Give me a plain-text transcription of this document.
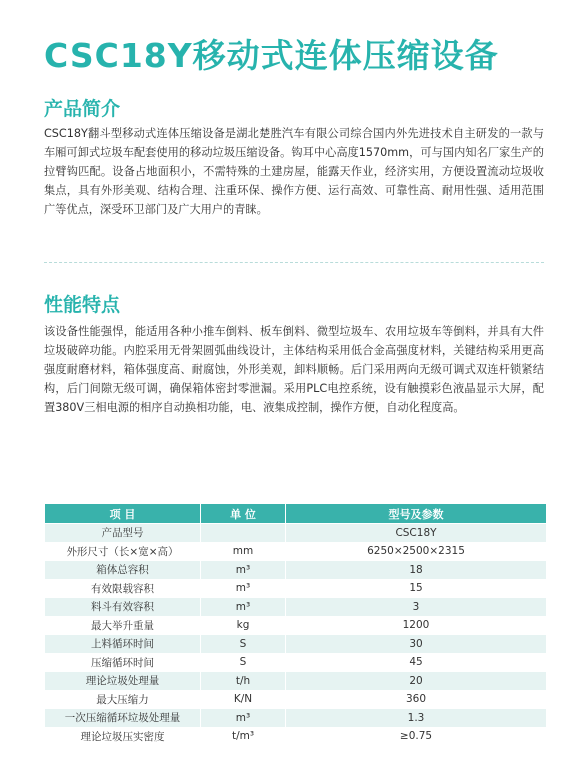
CSC18Y移动式连体压缩设备
产品简介

CSC18Y翻斗型移动式连体压缩设备是湖北楚胜汽车有限公司综合国内外先进技术自主研发的一款与车厢可卸式垃圾车配套使用的移动垃圾压缩设备。钩耳中心高度1570mm，可与国内知名厂家生产的拉臂钩匹配。设备占地面积小，不需特殊的土建房屋，能露天作业，经济实用，方便设置流动垃圾收集点，具有外形美观、结构合理、注重环保、操作方便、运行高效、可靠性高、耐用性强、适用范围广等优点，深受环卫部门及广大用户的青睐。

性能特点

该设备性能强悍，能适用各种小推车倒料、板车倒料、微型垃圾车、农用垃圾车等倒料，并具有大件垃圾破碎功能。内腔采用无骨架圆弧曲线设计，主体结构采用低合金高强度材料，关键结构采用更高强度耐磨材料，箱体强度高、耐腐蚀，外形美观，卸料顺畅。后门采用两向无级可调式双连杆锁紧结构，后门间隙无级可调，确保箱体密封零泄漏。采用PLC电控系统，设有触摸彩色液晶显示大屏，配置380V三相电源的相序自动换相功能，电、液集成控制，操作方便，自动化程度高。

项 目	单 位	型号及参数
产品型号		CSC18Y
外形尺寸（长×宽×高）	mm	6250×2500×2315
箱体总容积	m³	18
有效限载容积	m³	15
料斗有效容积	m³	3
最大举升重量	kg	1200
上料循环时间	S	30
压缩循环时间	S	45
理论垃圾处理量	t/h	20
最大压缩力	K/N	360
一次压缩循环垃圾处理量	m³	1.3
理论垃圾压实密度	t/m³	≥0.75
